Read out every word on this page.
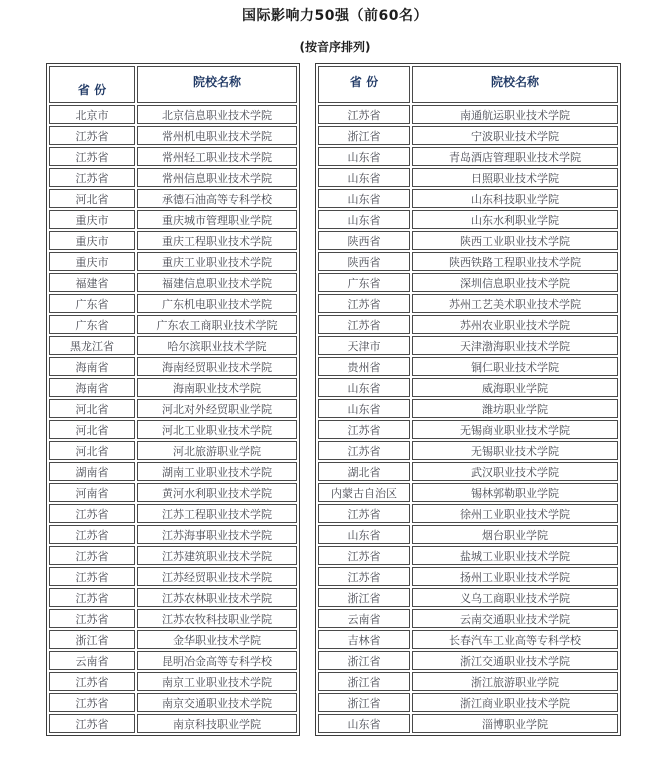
国际影响力50强（前60名）
(按音序排列)
省 份	院校名称
北京市	北京信息职业技术学院
江苏省	常州机电职业技术学院
江苏省	常州轻工职业技术学院
江苏省	常州信息职业技术学院
河北省	承德石油高等专科学校
重庆市	重庆城市管理职业学院
重庆市	重庆工程职业技术学院
重庆市	重庆工业职业技术学院
福建省	福建信息职业技术学院
广东省	广东机电职业技术学院
广东省	广东农工商职业技术学院
黑龙江省	哈尔滨职业技术学院
海南省	海南经贸职业技术学院
海南省	海南职业技术学院
河北省	河北对外经贸职业学院
河北省	河北工业职业技术学院
河北省	河北旅游职业学院
湖南省	湖南工业职业技术学院
河南省	黄河水利职业技术学院
江苏省	江苏工程职业技术学院
江苏省	江苏海事职业技术学院
江苏省	江苏建筑职业技术学院
江苏省	江苏经贸职业技术学院
江苏省	江苏农林职业技术学院
江苏省	江苏农牧科技职业学院
浙江省	金华职业技术学院
云南省	昆明冶金高等专科学校
江苏省	南京工业职业技术学院
江苏省	南京交通职业技术学院
江苏省	南京科技职业学院
省 份	院校名称
江苏省	南通航运职业技术学院
浙江省	宁波职业技术学院
山东省	青岛酒店管理职业技术学院
山东省	日照职业技术学院
山东省	山东科技职业学院
山东省	山东水利职业学院
陕西省	陕西工业职业技术学院
陕西省	陕西铁路工程职业技术学院
广东省	深圳信息职业技术学院
江苏省	苏州工艺美术职业技术学院
江苏省	苏州农业职业技术学院
天津市	天津渤海职业技术学院
贵州省	铜仁职业技术学院
山东省	威海职业学院
山东省	潍坊职业学院
江苏省	无锡商业职业技术学院
江苏省	无锡职业技术学院
湖北省	武汉职业技术学院
内蒙古自治区	锡林郭勒职业学院
江苏省	徐州工业职业技术学院
山东省	烟台职业学院
江苏省	盐城工业职业技术学院
江苏省	扬州工业职业技术学院
浙江省	义乌工商职业技术学院
云南省	云南交通职业技术学院
吉林省	长春汽车工业高等专科学校
浙江省	浙江交通职业技术学院
浙江省	浙江旅游职业学院
浙江省	浙江商业职业技术学院
山东省	淄博职业学院
